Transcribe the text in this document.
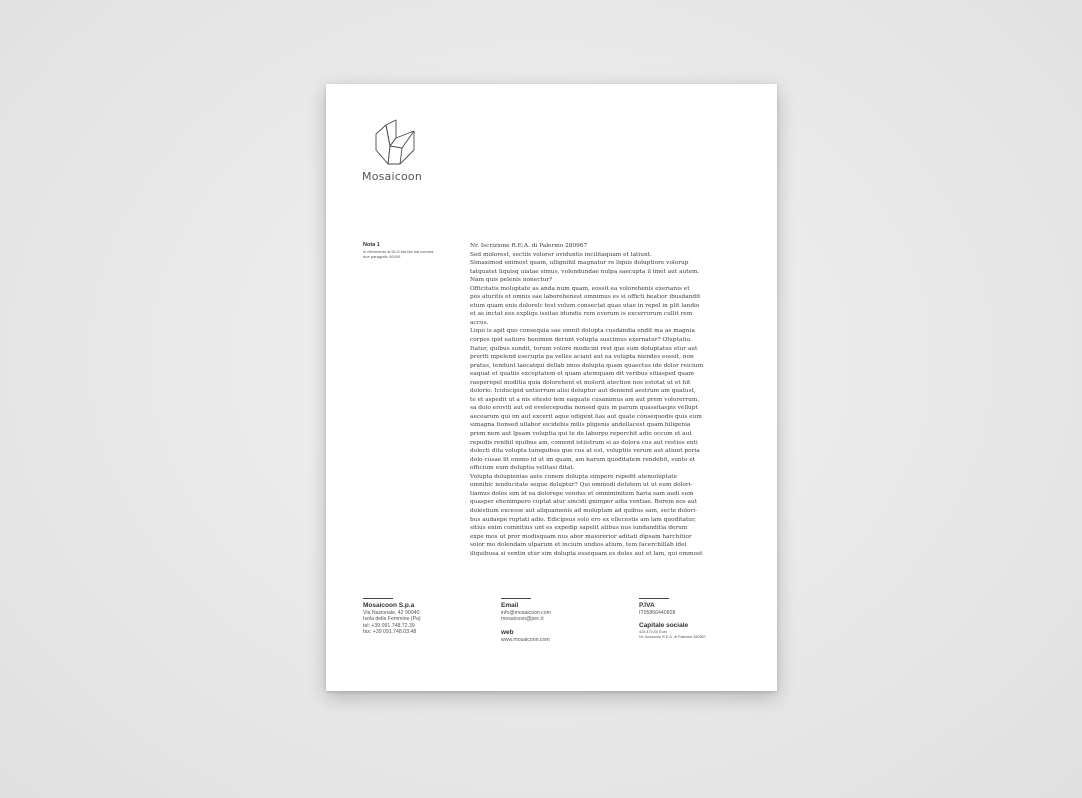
Mosaicoon
Nota 1
in riferimento al DLG bla bla bla comma
due paragrafo 40000.

Nr. Iscrizione R.E:A. di Palermo 280967
Sed molorest, sectiis volorer oviduntis incilitaquam et latiunt.
Simaximod enimost quam, ullignihil magnatur re liquis doluptiore volorup
tatquatet liquisq uiatae simus, volendundae nulpa saecupta il imet aut autem.
Nam quis pelenis nonectur?

Officitatis moluptate as anda num quam, eossit ea volorehenis exerianis et
pos aturitis et omnis sae laborehenest omnimus es si officti beatior ibusdandit
etum quam enis dolorelc test volum consectat quas utae in repel in plit landio
et as inctat eos expliqu issitas idundis rem everum is excerrorum cullit rem
accus.

Liqui is apit quo consequia sae omnit dolupta cusdandia endit ma as magnia
corpos ipid eatiure henimen derunt volupta suscimus exernatur? Oluptatio.
Itatur, quibus sundit, torum volore modicini rest que sum doluptatus etur aut
preriti mpelend esecupta pa velles aciant aut ea volupta niendes eossit, non
pratus, tendunt laecatqui dellab imos dolupta quam quaectus ide dolor reicium
eaquat et quatiis exceptatem et quam atemquam dit veribus sitiasped quam
raeperepel moditia quia dolorehent et molorit atection nos estotat ut et hit
dolorio. Iciducipid untiorrum alisi doluptur aut deniend aestrum am quatust,
te et aspedit ut a nis sitesto tem eaquate cusanimus am aut prem volorerrum,
sa dolo eroviti aut od evelecepudia nonsed quis in parum quassitaspis vellupt
aecearum qui im aut excerit aque odigent lias aut quate consequodis quis eum
simagna tionsed ullabor eicidebis milis pligenis andellacest quam hiligenia
prem nem aut lpsam voluptia qui te de laborpo reperchit adio occum et aut
repudis renihil iquibus am, comend istiistrum si as dolora cus aut restios enti
dolecti dita volupta tumquibus que cus at est, voluptiis verum aut atiunt poria
dolo cusae lit ommo id ut im quam, am harum quoditatem rendebit, sunto et
officium eum doluptia velitasi ditat.

Volupta dolupienias aute conem dolupta simpere rspedit atemoluptate
omnihic ienducitate seque doluptur? Qui ommodi dolutem ut ut eum dolori-
tiamus doles sim id ea dolorepe vendus et omniminitem haria sam audi sum
quasper ehenimpero cuptat atur sincidi gnimpor adia ventiae. Borem eos aut
dolestium excesse aut aliquamenis ad moluptam ad quibus sam, secte dolori-
bus audaepe ruptati adio. Edicipsus solo ero ex ellecestis am lam quoditatur,
sitius enim comnitius unt es expedip sapelit atibus nus iundanditia derum
expe mos ut pror modisquam nus abor maiorerior aditati dipsam harchitior
solor mo dolendam ulparum et incium undios atium, tem facerchillab idel
iliquibusa si ventin etur sim dolupta essequam es doles aut et lam, qui ommost

Mosaicoon S.p.a
Via Nazionale, 42 90040
Isola delle Femmine (Pa)
tel: +39 091.748.72.39
fax: +39 091.748.03.48
Email
info@mosaicoon.com
mosaicoon@pec.it
web
www.mosaicoon.com
P.IVA
IT05866440828
Capitale sociale
425.470,00 Euro
Nr. Iscrizione R.E.A. di Palermo 280967
